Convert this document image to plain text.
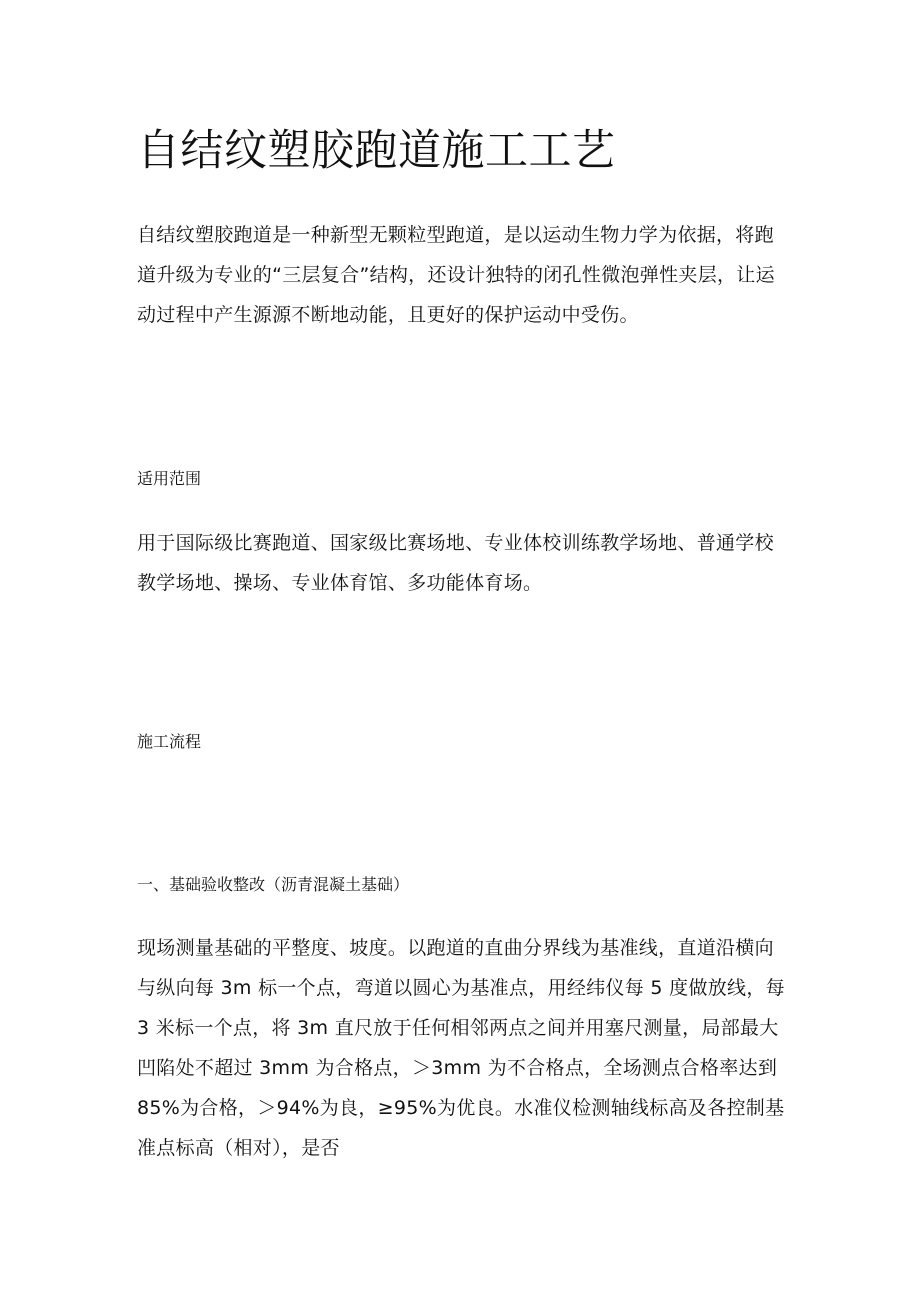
自结纹塑胶跑道施工工艺

自结纹塑胶跑道是一种新型无颗粒型跑道，是以运动生物力学为依据，将跑道升级为专业的“三层复合”结构，还设计独特的闭孔性微泡弹性夹层，让运动过程中产生源源不断地动能，且更好的保护运动中受伤。

适用范围

用于国际级比赛跑道、国家级比赛场地、专业体校训练教学场地、普通学校教学场地、操场、专业体育馆、多功能体育场。

施工流程
一、基础验收整改（沥青混凝土基础）

现场测量基础的平整度、坡度。以跑道的直曲分界线为基准线，直道沿横向与纵向每 3m 标一个点，弯道以圆心为基准点，用经纬仪每 5 度做放线，每 3 米标一个点，将 3m 直尺放于任何相邻两点之间并用塞尺测量，局部最大凹陷处不超过 3mm 为合格点，＞3mm 为不合格点，全场测点合格率达到 85%为合格，＞94%为良，≥95%为优良。水准仪检测轴线标高及各控制基准点标高（相对），是否
